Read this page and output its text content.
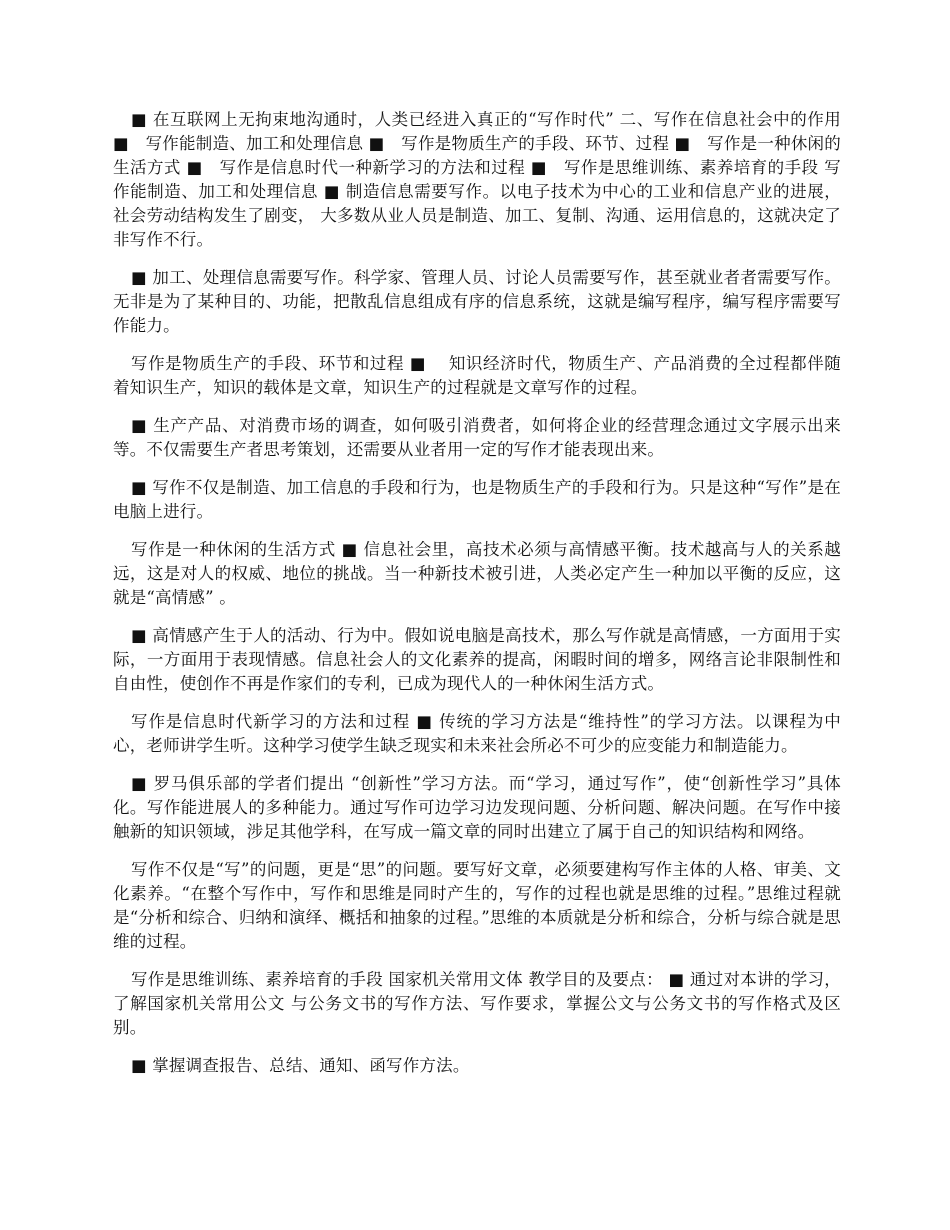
■ 在互联网上无拘束地沟通时，人类已经进入真正的“写作时代” 二、写作在信息社会中的作用 ■　写作能制造、加工和处理信息 ■　写作是物质生产的手段、环节、过程 ■　写作是一种休闲的生活方式 ■　写作是信息时代一种新学习的方法和过程 ■　写作是思维训练、素养培育的手段 写作能制造、加工和处理信息 ■ 制造信息需要写作。以电子技术为中心的工业和信息产业的进展，社会劳动结构发生了剧变， 大多数从业人员是制造、加工、复制、沟通、运用信息的，这就决定了非写作不行。

■ 加工、处理信息需要写作。科学家、管理人员、讨论人员需要写作，甚至就业者者需要写作。无非是为了某种目的、功能，把散乱信息组成有序的信息系统，这就是编写程序，编写程序需要写作能力。

写作是物质生产的手段、环节和过程 ■　 知识经济时代，物质生产、产品消费的全过程都伴随着知识生产，知识的载体是文章，知识生产的过程就是文章写作的过程。

■ 生产产品、对消费市场的调查，如何吸引消费者，如何将企业的经营理念通过文字展示出来等。不仅需要生产者思考策划，还需要从业者用一定的写作才能表现出来。

■ 写作不仅是制造、加工信息的手段和行为，也是物质生产的手段和行为。只是这种“写作”是在电脑上进行。

写作是一种休闲的生活方式 ■ 信息社会里，高技术必须与高情感平衡。技术越高与人的关系越远，这是对人的权威、地位的挑战。当一种新技术被引进，人类必定产生一种加以平衡的反应，这就是“高情感” 。

■ 高情感产生于人的活动、行为中。假如说电脑是高技术，那么写作就是高情感，一方面用于实际，一方面用于表现情感。信息社会人的文化素养的提高，闲暇时间的增多，网络言论非限制性和自由性，使创作不再是作家们的专利，已成为现代人的一种休闲生活方式。

写作是信息时代新学习的方法和过程 ■ 传统的学习方法是“维持性”的学习方法。以课程为中心，老师讲学生听。这种学习使学生缺乏现实和未来社会所必不可少的应变能力和制造能力。

■ 罗马俱乐部的学者们提出 “创新性”学习方法。而“学习，通过写作”，使“创新性学习”具体化。写作能进展人的多种能力。通过写作可边学习边发现问题、分析问题、解决问题。在写作中接触新的知识领域，涉足其他学科，在写成一篇文章的同时出建立了属于自己的知识结构和网络。

写作不仅是“写”的问题，更是“思”的问题。要写好文章，必须要建构写作主体的人格、审美、文化素养。“在整个写作中，写作和思维是同时产生的，写作的过程也就是思维的过程。”思维过程就是“分析和综合、归纳和演绎、概括和抽象的过程。”思维的本质就是分析和综合，分析与综合就是思维的过程。

写作是思维训练、素养培育的手段 国家机关常用文体 教学目的及要点： ■ 通过对本讲的学习，了解国家机关常用公文 与公务文书的写作方法、写作要求，掌握公文与公务文书的写作格式及区别。

■ 掌握调查报告、总结、通知、函写作方法。
